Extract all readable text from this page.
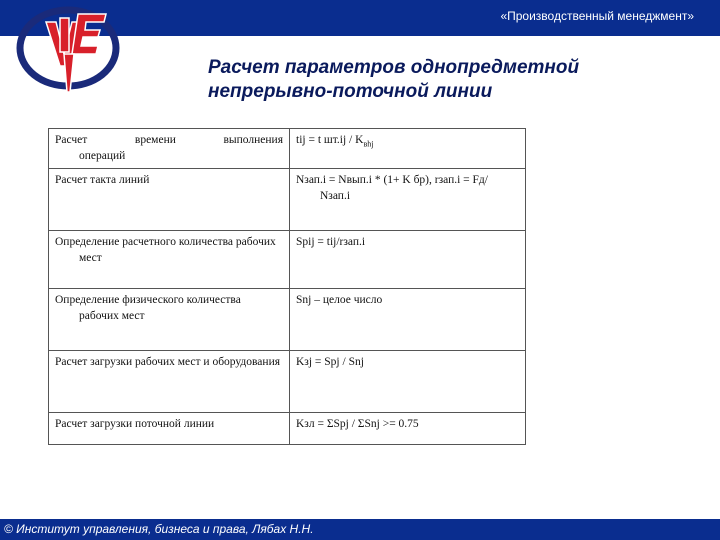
«Производственный менеджмент»
Расчет параметров однопредметной
непрерывно-поточной линии
Расчет времени выполнения
операций	tij = t $шт.ij / K_{вhj}$

Расчет такта линий	Nзап.i = Nвып.i * (1+ K бр), rзап.i = Fд/ Nзап.i

Определение расчетного количества рабочих мест	Spij = tij/rзап.i

Определение физического количества рабочих мест	Snj – целое число

Расчет загрузки рабочих мест и оборудования	Kзj = Spj / Snj

Расчет загрузки поточной линии	Kзл = ΣSpj / ΣSnj >= 0.75
© Институт управления, бизнеса и права, Лябах Н.Н.
